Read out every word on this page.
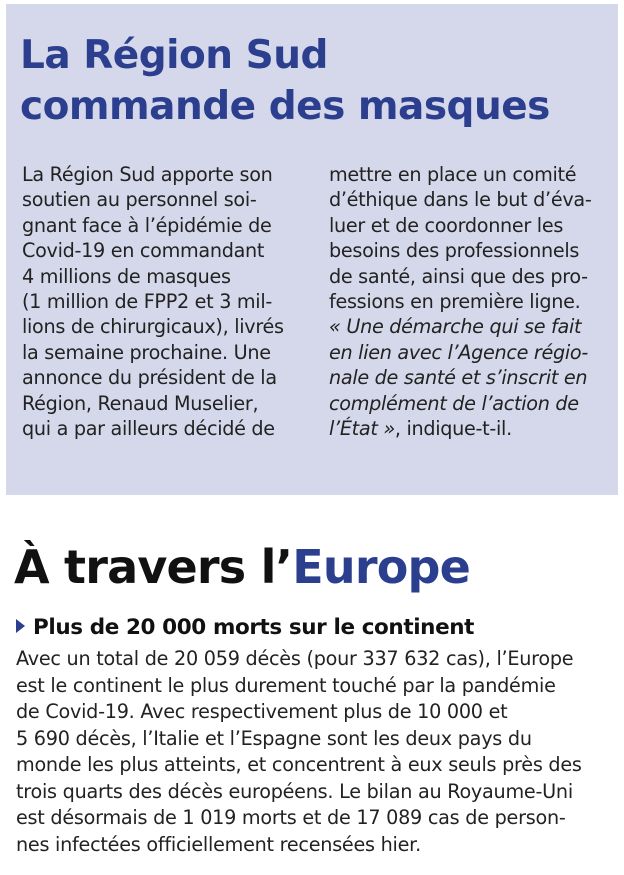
La Région Sud
commande des masques
La Région Sud apporte son
soutien au personnel soi-
gnant face à l’épidémie de
Covid-19 en commandant
4 millions de masques
(1 million de FPP2 et 3 mil-
lions de chirurgicaux), livrés
la semaine prochaine. Une
annonce du président de la
Région, Renaud Muselier,
qui a par ailleurs décidé de
mettre en place un comité
d’éthique dans le but d’éva-
luer et de coordonner les
besoins des professionnels
de santé, ainsi que des pro-
fessions en première ligne.
« Une démarche qui se fait
en lien avec l’Agence régio-
nale de santé et s’inscrit en
complément de l’action de
l’État », indique-t-il.
À travers l’Europe
Plus de 20 000 morts sur le continent
Avec un total de 20 059 décès (pour 337 632 cas), l’Europe
est le continent le plus durement touché par la pandémie
de Covid-19. Avec respectivement plus de 10 000 et
5 690 décès, l’Italie et l’Espagne sont les deux pays du
monde les plus atteints, et concentrent à eux seuls près des
trois quarts des décès européens. Le bilan au Royaume-Uni
est désormais de 1 019 morts et de 17 089 cas de person-
nes infectées officiellement recensées hier.
